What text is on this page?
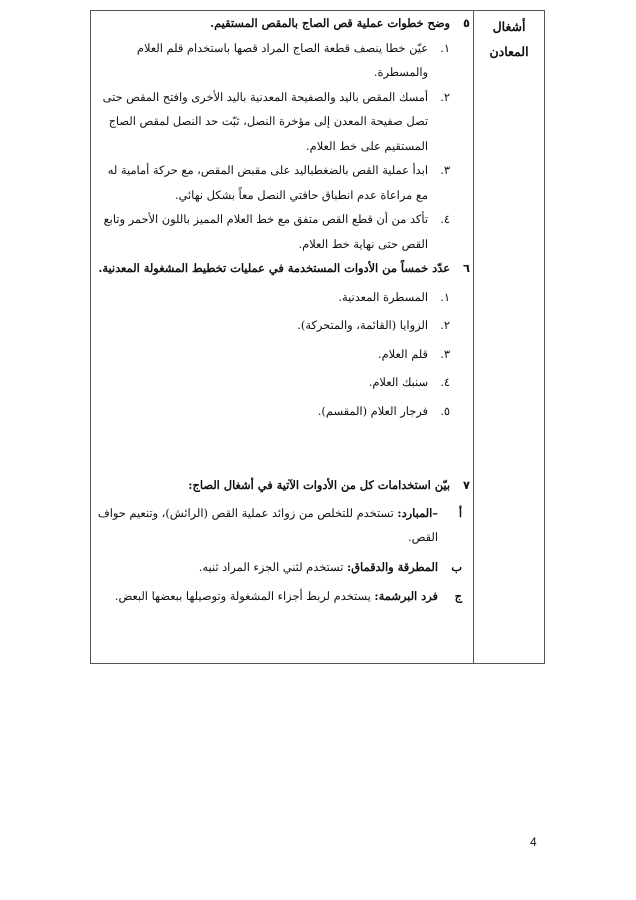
أشغال المعادن
٥
وضح خطوات عملية قص الصاج بالمقص المستقيم.
١.
عيّن خطا ينصف قطعة الصاج المراد قصها باستخدام قلم العلام والمسطرة.
٢.
أمسك المقص باليد والصفيحة المعدنية باليد الأخرى وافتح المقص حتى تصل صفيحة المعدن إلى مؤخرة النصل، ثبّت حد النصل لمقص الصاج المستقيم على خط العلام.
٣.
ابدأ عملية القص بالضغطباليد على مقبض المقص، مع حركة أمامية له مع مراعاة عدم انطباق حافتي النصل معاً بشكل نهائي.
٤.
تأكد من أن قطع القص متفق مع خط العلام المميز باللون الأحمر وتابع القص حتى نهاية خط العلام.
٦
عدّد خمساً من الأدوات المستخدمة في عمليات تخطيط المشغولة المعدنية.
١.
المسطرة المعدنية.
٢.
الزوايا (القائمة، والمتحركة).
٣.
قلم العلام.
٤.
سنبك العلام.
٥.
فرجار العلام (المقسم).
٧
بيّن استخدامات كل من الأدوات الآتية في أشغال الصاج:
أ
–المبارد: تستخدم للتخلص من زوائد عملية القص (الرائش)، وتنعيم حواف القص.
ب
المطرقة والدقماق: تستخدم لثني الجزء المراد ثنيه.
ج
فرد البرشمة: يستخدم لربط أجزاء المشغولة وتوصيلها ببعضها البعض.
4
